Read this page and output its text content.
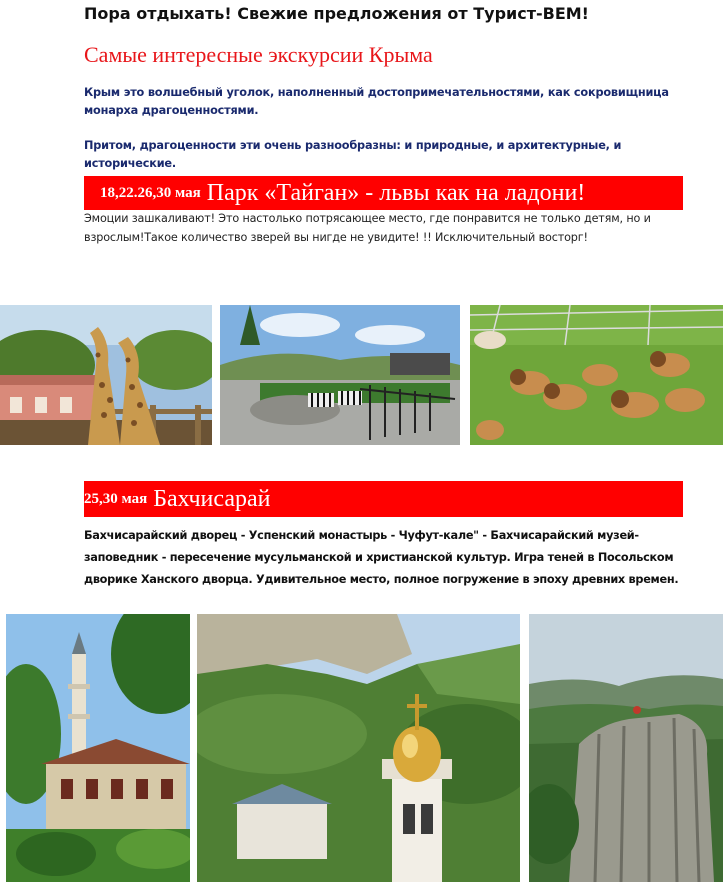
Пора отдыхать! Свежие предложения от Турист-ВЕМ!
Самые интересные экскурсии Крыма
Крым это волшебный уголок, наполненный достопримечательностями, как сокровищница монарха драгоценностями.
Притом, драгоценности эти очень разнообразны: и природные, и архитектурные, и исторические.
18,22.26,30 мая Парк «Тайган» - львы как на ладони!
Эмоции зашкаливают! Это настолько потрясающее место, где понравится не только детям, но и взрослым!Такое количество зверей вы нигде не увидите! !! Исключительный восторг!
25,30 мая Бахчисарай
Бахчисарайский дворец - Успенский монастырь - Чуфут-кале" - Бахчисарайский музей-заповедник - пересечение мусульманской и христианской культур. Игра теней в Посольском дворике Ханского дворца. Удивительное место, полное погружение в эпоху древних времен.
